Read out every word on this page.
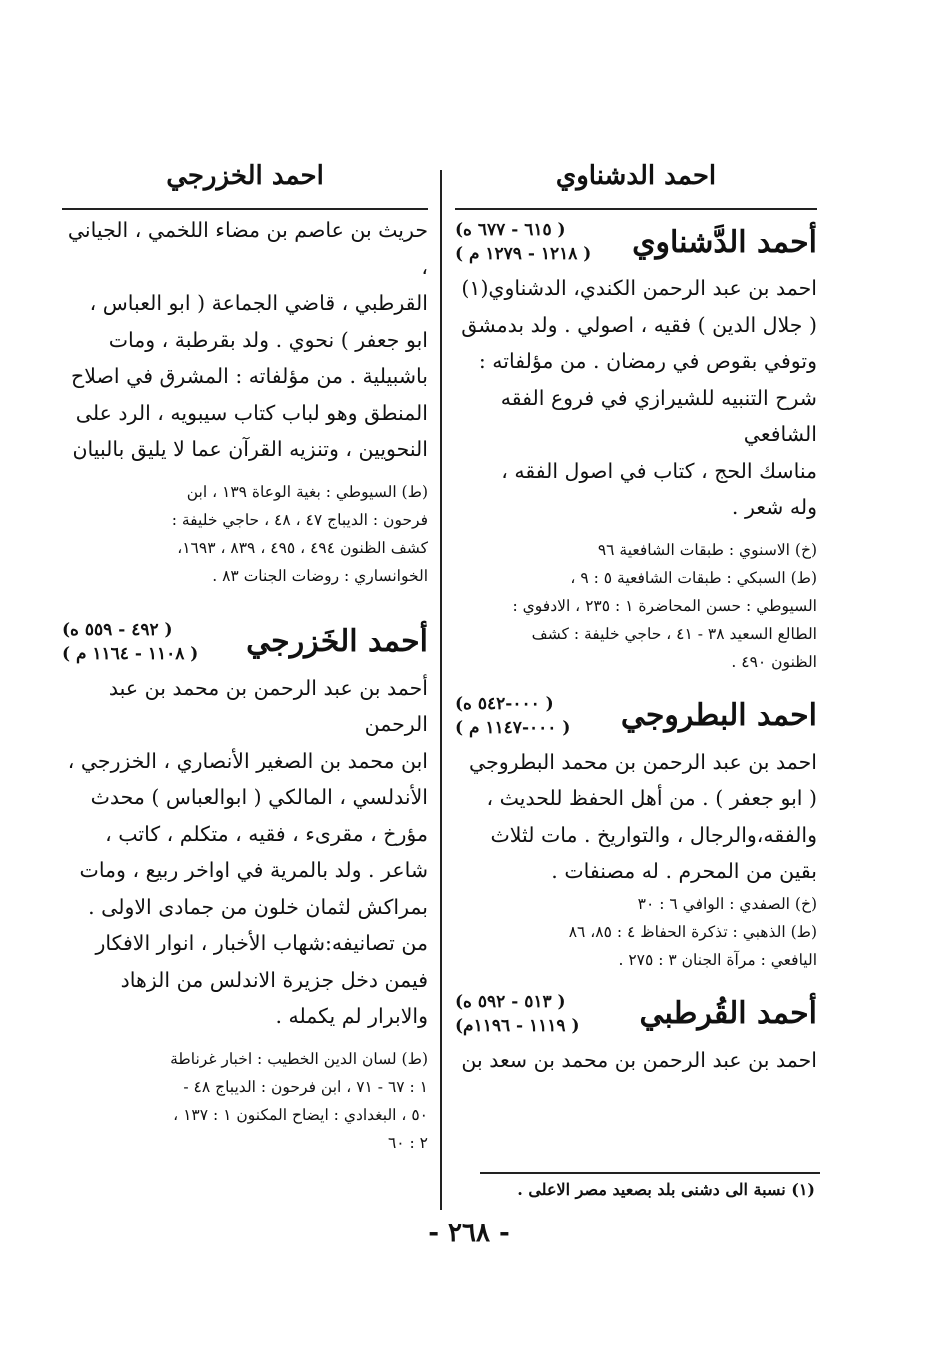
احمد الدشناوي
أحمد الدَّشناوي
( ٦١٥ - ٦٧٧ ه)
( ١٢١٨ - ١٢٧٩ م )

احمد بن عبد الرحمن الكندي، الدشناوي(١)

( جلال الدين ) فقيه ، اصولي . ولد بدمشق

وتوفي بقوص في رمضان . من مؤلفاته :

شرح التنبيه للشيرازي في فروع الفقه الشافعي

مناسك الحج ، كتاب في اصول الفقه ،

وله شعر .

(خ) الاسنوي : طبقات الشافعية ٩٦

(ط) السبكي : طبقات الشافعية ٥ : ٩ ،

السيوطي : حسن المحاضرة ١ : ٢٣٥ ، الادفوي :

الطالع السعيد ٣٨ - ٤١ ، حاجي خليفة : كشف

الظنون ٤٩٠ .

احمد البطروجي
( ٠٠٠-٥٤٢ ه)
( ٠٠٠-١١٤٧ م )

احمد بن عبد الرحمن بن محمد البطروجي

( ابو جعفر ) . من أهل الحفظ للحديث ،

والفقه،والرجال ، والتواريخ . مات لثلاث

بقين من المحرم . له مصنفات .

(خ) الصفدي : الوافي ٦ : ٣٠

(ط) الذهبي : تذكرة الحفاظ ٤ : ٨٥، ٨٦

اليافعي : مرآة الجنان ٣ : ٢٧٥ .

أحمد القُرطبي
( ٥١٣ - ٥٩٢ ه)
( ١١١٩ - ١١٩٦م)

احمد بن عبد الرحمن بن محمد بن سعد بن

احمد الخزرجي

حريث بن عاصم بن مضاء اللخمي ، الجياني ،

القرطبي ، قاضي الجماعة ( ابو العباس ،

ابو جعفر ) نحوي . ولد بقرطبة ، ومات

باشبيلية . من مؤلفاته : المشرق في اصلاح

المنطق وهو لباب كتاب سيبويه ، الرد على

النحويين ، وتنزيه القرآن عما لا يليق بالبيان

(ط) السيوطي : بغية الوعاة ١٣٩ ، ابن

فرحون : الديباج ٤٧ ، ٤٨ ، حاجي خليفة :

كشف الظنون ٤٩٤ ، ٤٩٥ ، ٨٣٩ ، ١٦٩٣،

الخوانساري : روضات الجنات ٨٣ .

أحمد الخَزرجي
( ٤٩٢ - ٥٥٩ ه)
( ١١٠٨ - ١١٦٤ م )

أحمد بن عبد الرحمن بن محمد بن عبد الرحمن

ابن محمد بن الصغير الأنصاري ، الخزرجي ،

الأندلسي ، المالكي ( ابوالعباس ) محدث

مؤرخ ، مقرىء ، فقيه ، متكلم ، كاتب ،

شاعر . ولد بالمرية في اواخر ربيع ، ومات

بمراكش لثمان خلون من جمادى الاولى .

من تصانيفه:شهاب الأخبار ، انوار الافكار

فيمن دخل جزيرة الاندلس من الزهاد

والابرار لم يكمله .

(ط) لسان الدين الخطيب : اخبار غرناطة

١ : ٦٧ - ٧١ ، ابن فرحون : الديباج ٤٨ -

٥٠ ، البغدادي : ايضاح المكنون ١ : ١٣٧ ،

٢ : ٦٠

(١) نسبة الى دشنى بلد بصعيد مصر الاعلى .
- ٢٦٨ -
